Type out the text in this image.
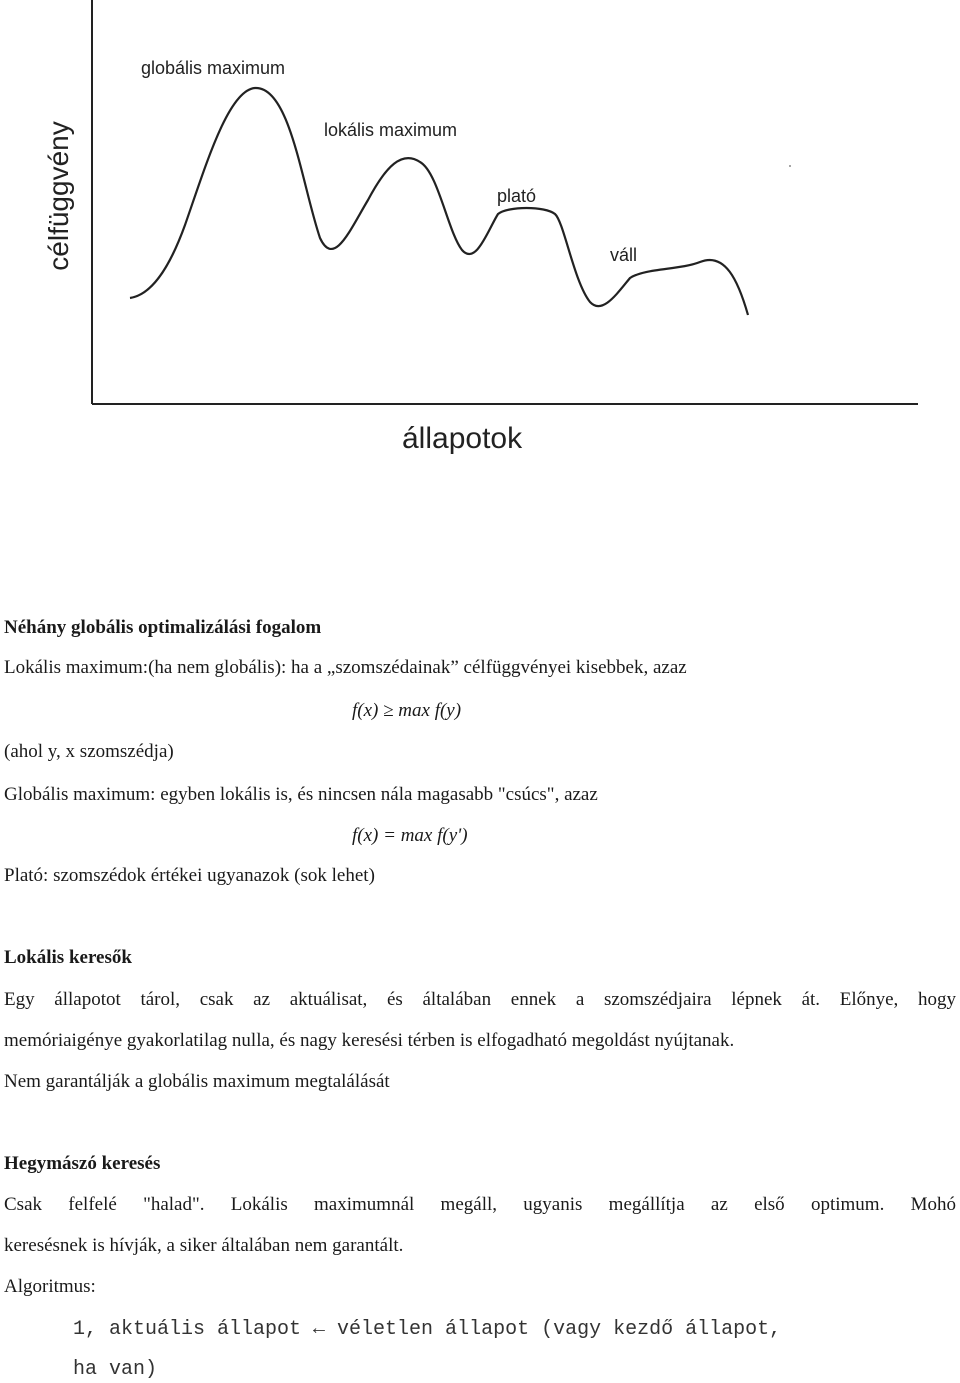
globális maximum
lokális maximum
plató
váll
állapotok
célfüggvény
Néhány globális optimalizálási fogalom
Lokális maximum:(ha nem globális): ha a „szomszédainak” célfüggvényei kisebbek, azaz
f(x) ≥ max f(y)
(ahol y, x szomszédja)
Globális maximum: egyben lokális is, és nincsen nála magasabb "csúcs", azaz
f(x) = max f(y')
Plató: szomszédok értékei ugyanazok (sok lehet)
Lokális keresők
Egy állapotot tárol, csak az aktuálisat, és általában ennek a szomszédjaira lépnek át. Előnye, hogy
memóriaigénye gyakorlatilag nulla, és nagy keresési térben is elfogadható megoldást nyújtanak.
Nem garantálják a globális maximum megtalálását
Hegymászó keresés
Csak felfelé "halad". Lokális maximumnál megáll, ugyanis megállítja az első optimum. Mohó
keresésnek is hívják, a siker általában nem garantált.
Algoritmus:
1, aktuális állapot ← véletlen állapot (vagy kezdő állapot,
ha van)
